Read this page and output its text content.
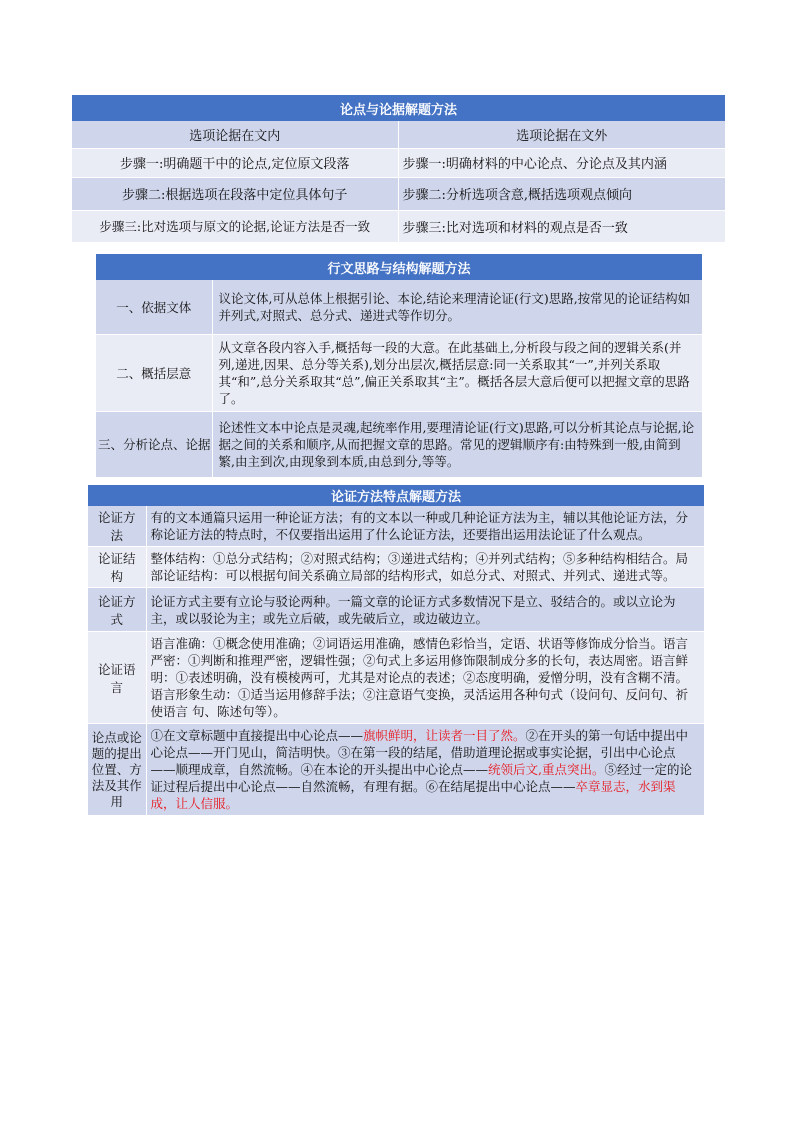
论点与论据解题方法	
选项论据在文内	选项论据在文外
步骤一:明确题干中的论点,定位原文段落	步骤一:明确材料的中心论点、分论点及其内涵
步骤二:根据选项在段落中定位具体句子	步骤二:分析选项含意,概括选项观点倾向
步骤三:比对选项与原文的论据,论证方法是否一致	步骤三:比对选项和材料的观点是否一致
行文思路与结构解题方法	
一、依据文体	议论文体,可从总体上根据引论、本论,结论来理清论证(行文)思路,按常见的论证结构如并列式,对照式、总分式、递进式等作切分。
二、概括层意	从文章各段内容入手,概括每一段的大意。在此基础上,分析段与段之间的逻辑关系(并列,递进,因果、总分等关系),划分出层次,概括层意:同一关系取其“一”,并列关系取其“和”,总分关系取其“总”,偏正关系取其“主”。概括各层大意后便可以把握文章的思路了。
三、分析论点、论据	论述性文本中论点是灵魂,起统率作用,要理清论证(行文)思路,可以分析其论点与论据,论据之间的关系和顺序,从而把握文章的思路。常见的逻辑顺序有:由特殊到一般,由简到繁,由主到次,由现象到本质,由总到分,等等。
论证方法特点解题方法	
论证方法	有的文本通篇只运用一种论证方法；有的文本以一种或几种论证方法为主，辅以其他论证方法，分称论证方法的特点时，不仅要指出运用了什么论证方法，还要指出运用法论证了什么观点。
论证结构	整体结构：①总分式结构；②对照式结构；③递进式结构；④并列式结构；⑤多种结构相结合。局部论证结构：可以根据句间关系确立局部的结构形式，如总分式、对照式、并列式、递进式等。
论证方式	论证方式主要有立论与驳论两种。一篇文章的论证方式多数情况下是立、驳结合的。或以立论为主，或以驳论为主；或先立后破，或先破后立，或边破边立。
论证语言	语言准确：①概念使用准确；②词语运用准确，感情色彩恰当，定语、状语等修饰成分恰当。语言严密：①判断和推理严密，逻辑性强；②句式上多运用修饰限制成分多的长句，表达周密。语言鲜明：①表述明确，没有模棱两可，尤其是对论点的表述；②态度明确，爱憎分明，没有含糊不清。语言形象生动：①适当运用修辞手法；②注意语气变换，灵活运用各种句式（设问句、反问句、祈使语言 句、陈述句等）。
论点或论题的提出位置、方法及其作用	①在文章标题中直接提出中心论点——旗帜鲜明，让读者一目了然。②在开头的第一句话中提出中心论点——开门见山，简洁明快。③在第一段的结尾，借助道理论据或事实论据，引出中心论点——顺理成章，自然流畅。④在本论的开头提出中心论点——统领后文,重点突出。⑤经过一定的论证过程后提出中心论点——自然流畅，有理有据。⑥在结尾提出中心论点——卒章显志，水到渠成，让人信服。
